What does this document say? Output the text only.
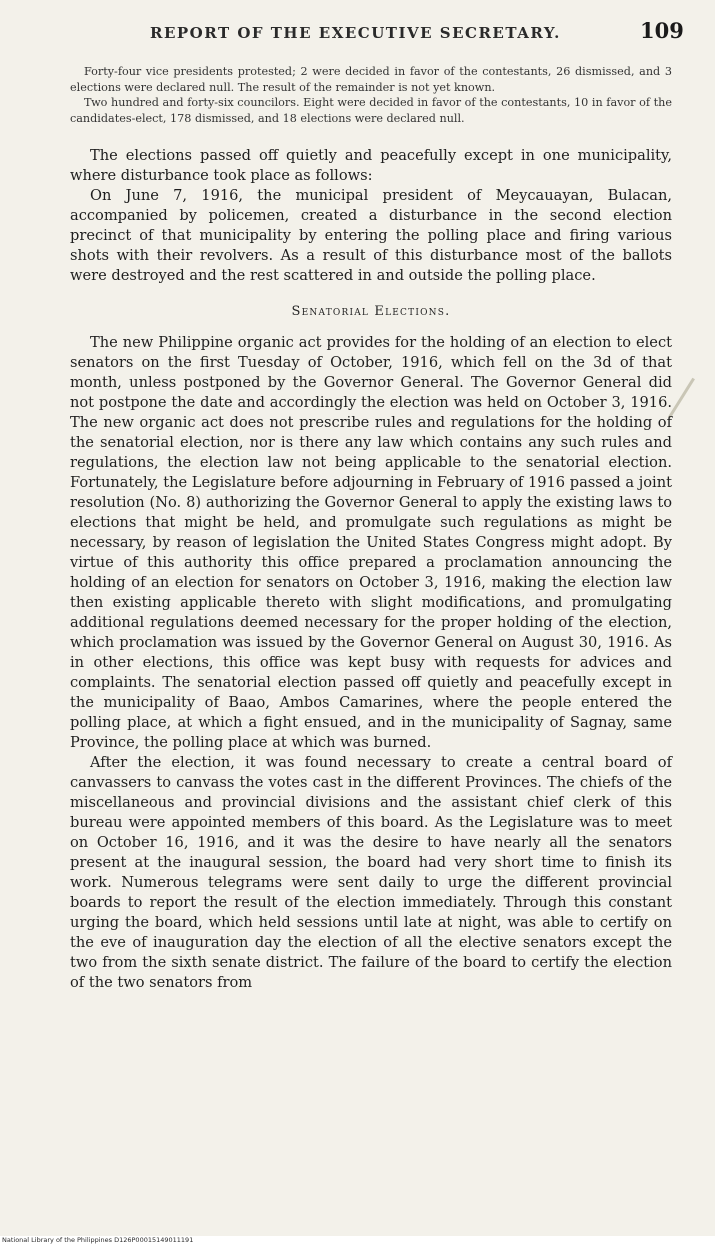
REPORT OF THE EXECUTIVE SECRETARY.	109

Forty-four vice presidents protested; 2 were decided in favor of the contestants, 26 dismissed, and 3 elections were declared null. The result of the remainder is not yet known.

Two hundred and forty-six councilors. Eight were decided in favor of the contestants, 10 in favor of the candidates-elect, 178 dismissed, and 18 elections were declared null.

The elections passed off quietly and peacefully except in one municipality, where disturbance took place as follows:

On June 7, 1916, the municipal president of Meycauayan, Bulacan, accompanied by policemen, created a disturbance in the second election precinct of that municipality by entering the polling place and firing various shots with their revolvers. As a result of this disturbance most of the ballots were destroyed and the rest scattered in and outside the polling place.

Senatorial Elections.

The new Philippine organic act provides for the holding of an election to elect senators on the first Tuesday of October, 1916, which fell on the 3d of that month, unless postponed by the Governor General. The Governor General did not postpone the date and accordingly the election was held on October 3, 1916. The new organic act does not prescribe rules and regulations for the holding of the senatorial election, nor is there any law which contains any such rules and regulations, the election law not being applicable to the senatorial election. Fortunately, the Legislature before adjourning in February of 1916 passed a joint resolution (No. 8) authorizing the Governor General to apply the existing laws to elections that might be held, and promulgate such regulations as might be necessary, by reason of legislation the United States Congress might adopt. By virtue of this authority this office prepared a proclamation announcing the holding of an election for senators on October 3, 1916, making the election law then existing applicable thereto with slight modifications, and promulgating additional regulations deemed necessary for the proper holding of the election, which proclamation was issued by the Governor General on August 30, 1916. As in other elections, this office was kept busy with requests for advices and complaints. The senatorial election passed off quietly and peacefully except in the municipality of Baao, Ambos Camarines, where the people entered the polling place, at which a fight ensued, and in the municipality of Sagnay, same Province, the polling place at which was burned.

After the election, it was found necessary to create a central board of canvassers to canvass the votes cast in the different Provinces. The chiefs of the miscellaneous and provincial divisions and the assistant chief clerk of this bureau were appointed members of this board. As the Legislature was to meet on October 16, 1916, and it was the desire to have nearly all the senators present at the inaugural session, the board had very short time to finish its work. Numerous telegrams were sent daily to urge the different provincial boards to report the result of the election immediately. Through this constant urging the board, which held sessions until late at night, was able to certify on the eve of inauguration day the election of all the elective senators except the two from the sixth senate district. The failure of the board to certify the election of the two senators from

National Library of the Philippines D126P00015149011191
